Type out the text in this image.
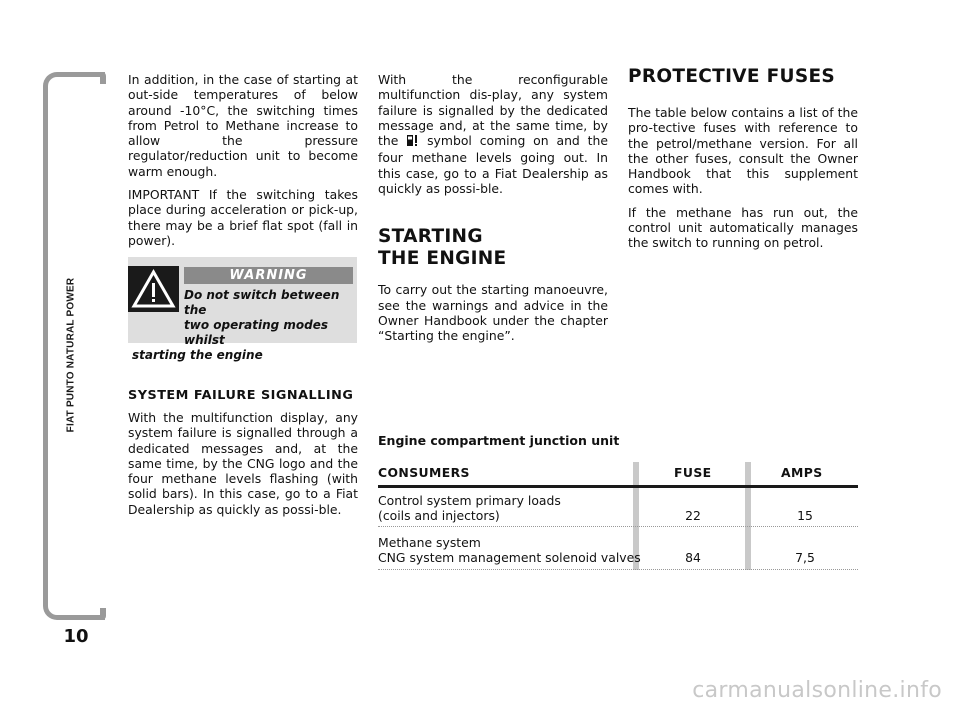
FIAT PUNTO NATURAL POWER
10

In addition, in the case of starting at out-side temperatures of below around -10°C, the switching times from Petrol to Methane increase to allow the pressure regulator/reduction unit to become warm enough.

IMPORTANT If the switching takes place during acceleration or pick-up, there may be a brief flat spot (fall in power).

WARNING
Do not switch between the
two operating modes whilst
starting the engine
SYSTEM FAILURE SIGNALLING
With the multifunction display, any system failure is signalled through a dedicated messages and, at the same time, by the CNG logo and the four methane levels flashing (with solid bars). In this case, go to a Fiat Dealership as quickly as possi-ble.

With the reconfigurable multifunction dis-play, any system failure is signalled by the dedicated message and, at the same time, by the symbol coming on and the four methane levels going out. In this case, go to a Fiat Dealership as quickly as possi-ble.

STARTING
THE ENGINE

To carry out the starting manoeuvre, see the warnings and advice in the Owner Handbook under the chapter “Starting the engine”.

PROTECTIVE FUSES

The table below contains a list of the pro-tective fuses with reference to the petrol/methane version. For all the other fuses, consult the Owner Handbook that this supplement comes with.

If the methane has run out, the control unit automatically manages the switch to running on petrol.

Engine compartment junction unit
CONSUMERS	FUSE	AMPS
Control system primary loads
(coils and injectors)	22	15
Methane system
CNG system management solenoid valves	84	7,5
carmanualsonline.info
